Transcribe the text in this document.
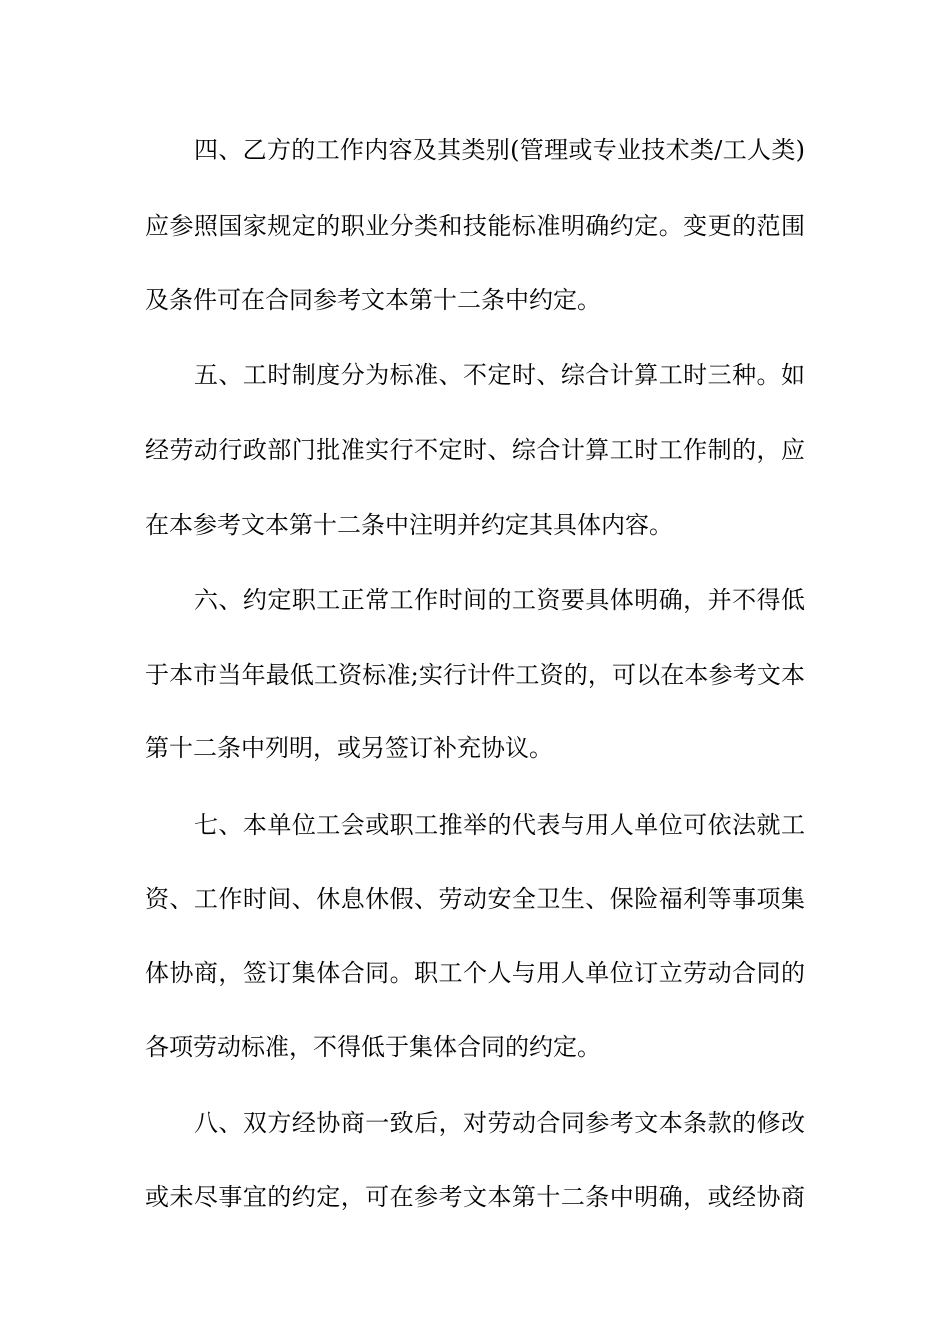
四、乙方的工作内容及其类别(管理或专业技术类/工人类)
应参照国家规定的职业分类和技能标准明确约定。变更的范围
及条件可在合同参考文本第十二条中约定。
五、工时制度分为标准、不定时、综合计算工时三种。如
经劳动行政部门批准实行不定时、综合计算工时工作制的，应
在本参考文本第十二条中注明并约定其具体内容。
六、约定职工正常工作时间的工资要具体明确，并不得低
于本市当年最低工资标准;实行计件工资的，可以在本参考文本
第十二条中列明，或另签订补充协议。
七、本单位工会或职工推举的代表与用人单位可依法就工
资、工作时间、休息休假、劳动安全卫生、保险福利等事项集
体协商，签订集体合同。职工个人与用人单位订立劳动合同的
各项劳动标准，不得低于集体合同的约定。
八、双方经协商一致后，对劳动合同参考文本条款的修改
或未尽事宜的约定，可在参考文本第十二条中明确，或经协商
